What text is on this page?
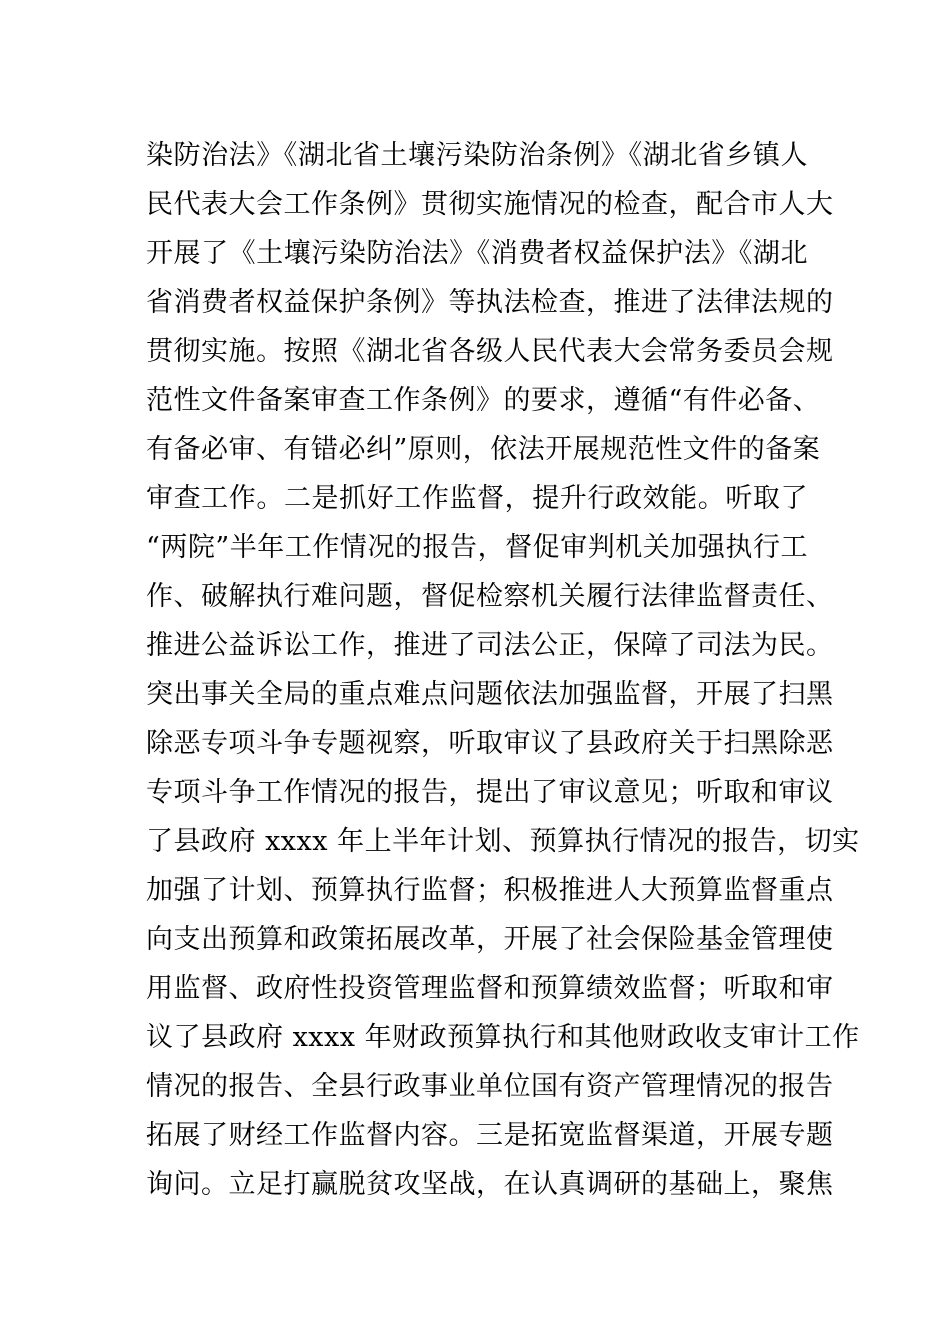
染防治法》《湖北省土壤污染防治条例》《湖北省乡镇人
民代表大会工作条例》贯彻实施情况的检查，配合市人大
开展了《土壤污染防治法》《消费者权益保护法》《湖北
省消费者权益保护条例》等执法检查，推进了法律法规的
贯彻实施。按照《湖北省各级人民代表大会常务委员会规
范性文件备案审查工作条例》的要求，遵循“有件必备、
有备必审、有错必纠”原则，依法开展规范性文件的备案
审查工作。二是抓好工作监督，提升行政效能。听取了
“两院”半年工作情况的报告，督促审判机关加强执行工
作、破解执行难问题，督促检察机关履行法律监督责任、
推进公益诉讼工作，推进了司法公正，保障了司法为民。
突出事关全局的重点难点问题依法加强监督，开展了扫黑
除恶专项斗争专题视察，听取审议了县政府关于扫黑除恶
专项斗争工作情况的报告，提出了审议意见；听取和审议
了县政府 xxxx 年上半年计划、预算执行情况的报告，切实
加强了计划、预算执行监督；积极推进人大预算监督重点
向支出预算和政策拓展改革，开展了社会保险基金管理使
用监督、政府性投资管理监督和预算绩效监督；听取和审
议了县政府 xxxx 年财政预算执行和其他财政收支审计工作
情况的报告、全县行政事业单位国有资产管理情况的报告
拓展了财经工作监督内容。三是拓宽监督渠道，开展专题
询问。立足打赢脱贫攻坚战，在认真调研的基础上，聚焦
